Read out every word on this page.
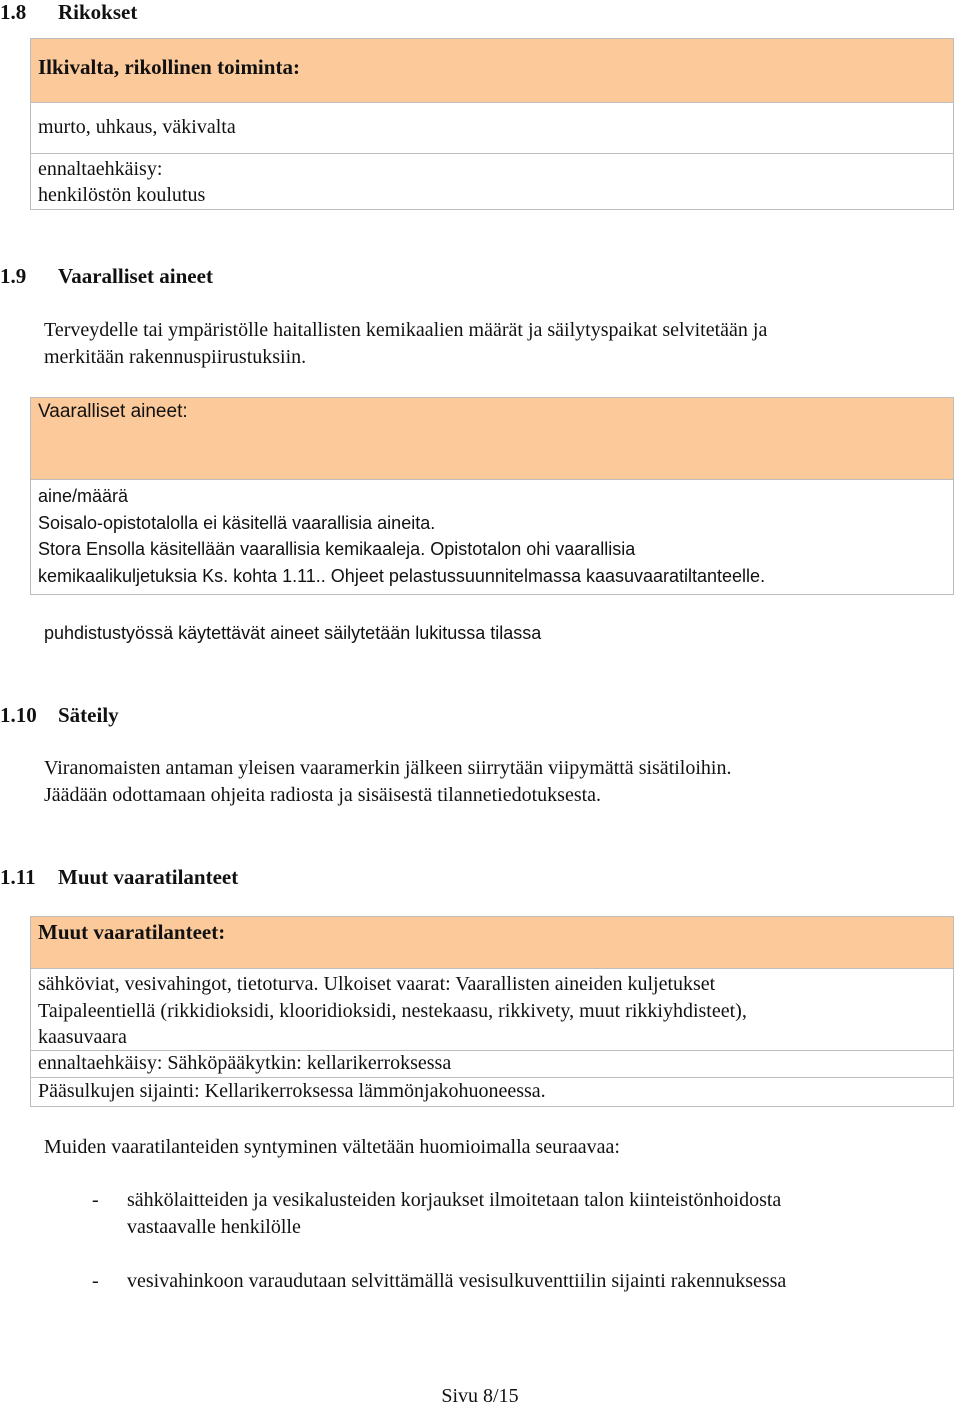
1.8 Rikokset
Ilkivalta, rikollinen toiminta:
murto, uhkaus, väkivalta
ennaltaehkäisy:
henkilöstön koulutus
1.9 Vaaralliset aineet
Terveydelle tai ympäristölle haitallisten kemikaalien määrät ja säilytyspaikat selvitetään ja
merkitään rakennuspiirustuksiin.
Vaaralliset aineet:
aine/määrä
Soisalo-opistotalolla ei käsitellä vaarallisia aineita.
Stora Ensolla käsitellään vaarallisia kemikaaleja. Opistotalon ohi vaarallisia
kemikaalikuljetuksia Ks. kohta 1.11.. Ohjeet pelastussuunnitelmassa kaasuvaaratiltanteelle.
puhdistustyössä käytettävät aineet säilytetään lukitussa tilassa
1.10 Säteily
Viranomaisten antaman yleisen vaaramerkin jälkeen siirrytään viipymättä sisätiloihin.
Jäädään odottamaan ohjeita radiosta ja sisäisestä tilannetiedotuksesta.
1.11 Muut vaaratilanteet
Muut vaaratilanteet:
sähköviat, vesivahingot, tietoturva. Ulkoiset vaarat: Vaarallisten aineiden kuljetukset
Taipaleentiellä (rikkidioksidi, klooridioksidi, nestekaasu, rikkivety, muut rikkiyhdisteet),
kaasuvaara
ennaltaehkäisy: Sähköpääkytkin: kellarikerroksessa
Pääsulkujen sijainti: Kellarikerroksessa lämmönjakohuoneessa.
Muiden vaaratilanteiden syntyminen vältetään huomioimalla seuraavaa:
- sähkölaitteiden ja vesikalusteiden korjaukset ilmoitetaan talon kiinteistönhoidosta
vastaavalle henkilölle
- vesivahinkoon varaudutaan selvittämällä vesisulkuventtiilin sijainti rakennuksessa
Sivu 8/15
